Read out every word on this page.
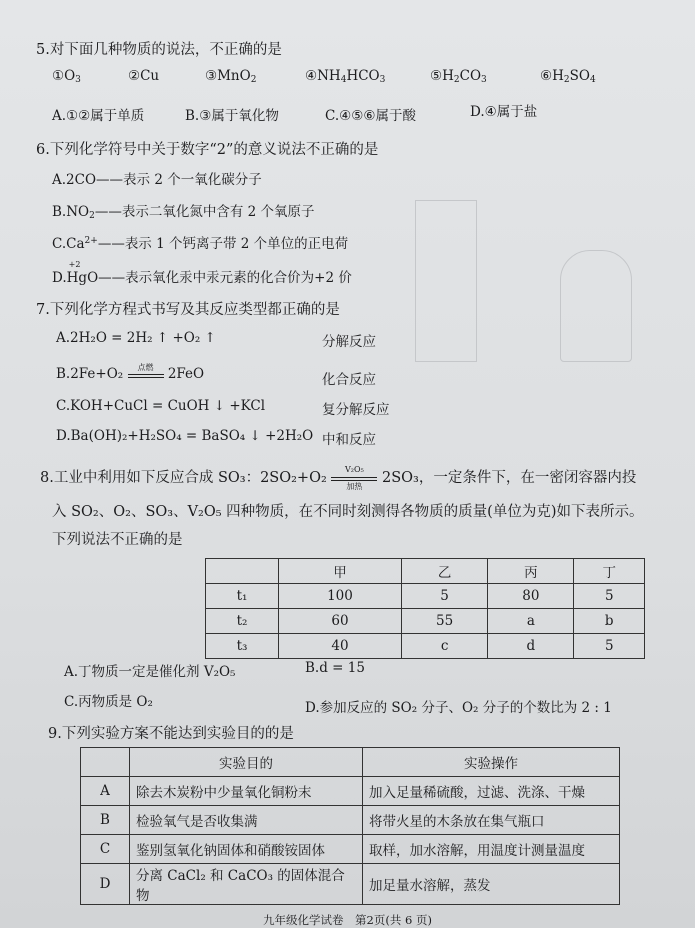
5.对下面几种物质的说法，不正确的是
$①O_3$	②Cu	③MnO$_2$	$④NH_4HCO_3$	$⑤H_2CO_3$	$⑥H_2SO_4$
A.①②属于单质	B.③属于氧化物	C.④⑤⑥属于酸	D.④属于盐
6.下列化学符号中关于数字“2”的意义说法不正确的是
A.2CO——表示 2 个一氧化碳分子
$B.NO_2——$表示二氧化氮中含有 2 个氧原子
$C.Ca^{2+}——$表示 1 个钙离子带 2 个单位的正电荷
D.
+2
HgO——表示氧化汞中汞元素的化合价为+2 价
7.下列化学方程式书写及其反应类型都正确的是
A.2H₂O = 2H₂ ↑ +O₂ ↑	分解反应
B.2Fe+O₂	点燃	2FeO	化合反应
C.KOH+CuCl = CuOH ↓ +KCl	复分解反应
D.Ba(OH)₂+H₂SO₄ = BaSO₄ ↓ +2H₂O 中和反应
8.工业中利用如下反应合成 SO₃：2SO₂+O₂
V₂O₅
加热
2SO₃，一定条件下，在一密闭容器内投
入 SO₂、O₂、SO₃、V₂O₅ 四种物质，在不同时刻测得各物质的质量(单位为克)如下表所示。
下列说法不正确的是
	甲	乙	丙	丁
t₁	100	5	80	5
t₂	60	55	a	b
t₃	40	c	d	5
A.丁物质一定是催化剂 V₂O₅	B.d = 15
C.丙物质是 O₂	D.参加反应的 SO₂ 分子、O₂ 分子的个数比为 2 : 1
9.下列实验方案不能达到实验目的的是
	实验目的	实验操作
A	除去木炭粉中少量氧化铜粉末	加入足量稀硫酸，过滤、洗涤、干燥
B	检验氧气是否收集满	将带火星的木条放在集气瓶口
C	鉴别氢氧化钠固体和硝酸铵固体	取样，加水溶解，用温度计测量温度
D	分离 CaCl₂ 和 CaCO₃ 的固体混合物	加足量水溶解，蒸发
九年级化学试卷　第2页(共 6 页)
